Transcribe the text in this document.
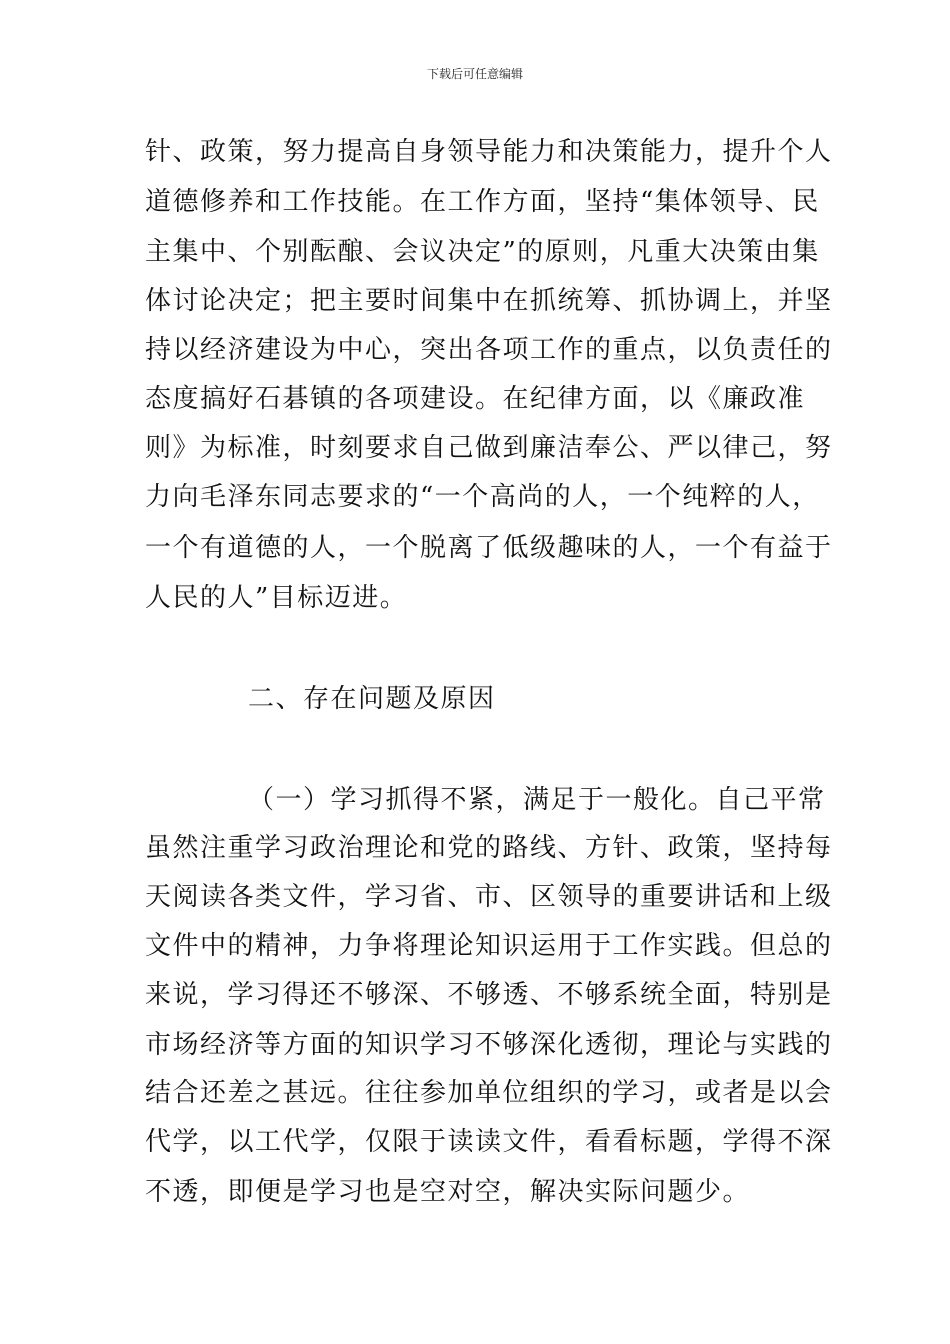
下载后可任意编辑
针、政策，努力提高自身领导能力和决策能力，提升个人
道德修养和工作技能。在工作方面，坚持“集体领导、民
主集中、个别酝酿、会议决定”的原则，凡重大决策由集
体讨论决定；把主要时间集中在抓统筹、抓协调上，并坚
持以经济建设为中心，突出各项工作的重点，以负责任的
态度搞好石碁镇的各项建设。在纪律方面，以《廉政准
则》为标准，时刻要求自己做到廉洁奉公、严以律己，努
力向毛泽东同志要求的“一个高尚的人，一个纯粹的人，
一个有道德的人，一个脱离了低级趣味的人，一个有益于
人民的人”目标迈进。
二、存在问题及原因
（一）学习抓得不紧，满足于一般化。自己平常
虽然注重学习政治理论和党的路线、方针、政策，坚持每
天阅读各类文件，学习省、市、区领导的重要讲话和上级
文件中的精神，力争将理论知识运用于工作实践。但总的
来说，学习得还不够深、不够透、不够系统全面，特别是
市场经济等方面的知识学习不够深化透彻，理论与实践的
结合还差之甚远。往往参加单位组织的学习，或者是以会
代学，以工代学，仅限于读读文件，看看标题，学得不深
不透，即便是学习也是空对空，解决实际问题少。
